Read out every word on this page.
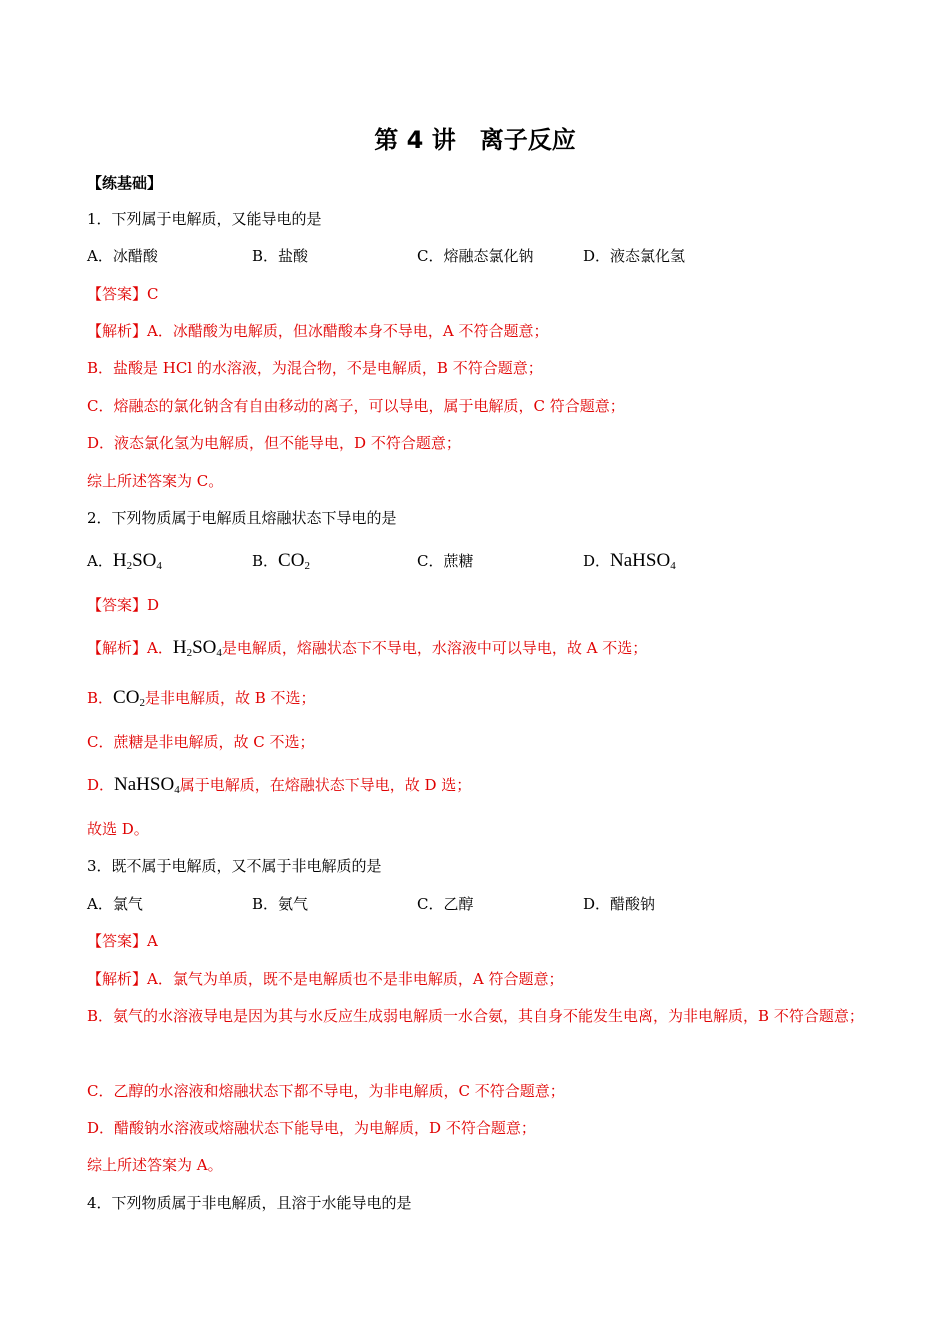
第 4 讲　离子反应
【练基础】
1．下列属于电解质，又能导电的是
A．冰醋酸	B．盐酸	C．熔融态氯化钠	D．液态氯化氢
【答案】C
【解析】A．冰醋酸为电解质，但冰醋酸本身不导电，A 不符合题意；
B．盐酸是 HCl 的水溶液，为混合物，不是电解质，B 不符合题意；
C．熔融态的氯化钠含有自由移动的离子，可以导电，属于电解质，C 符合题意；
D．液态氯化氢为电解质，但不能导电，D 不符合题意；
综上所述答案为 C。
2．下列物质属于电解质且熔融状态下导电的是
A．$H_2SO_4$	B．$CO_2$	C．蔗糖	D．NaHSO$_4$
【答案】D
【解析】A．$H_2SO_4$是电解质，熔融状态下不导电，水溶液中可以导电，故 A 不选；
B．$CO_2$是非电解质，故 B 不选；
C．蔗糖是非电解质，故 C 不选；
D．NaHSO$_4$属于电解质，在熔融状态下导电，故 D 选；
故选 D。
3．既不属于电解质，又不属于非电解质的是
A．氯气	B．氨气	C．乙醇	D．醋酸钠
【答案】A
【解析】A．氯气为单质，既不是电解质也不是非电解质，A 符合题意；
B．氨气的水溶液导电是因为其与水反应生成弱电解质一水合氨，其自身不能发生电离，为非电解质，B 不符合题意；
C．乙醇的水溶液和熔融状态下都不导电，为非电解质，C 不符合题意；
D．醋酸钠水溶液或熔融状态下能导电，为电解质，D 不符合题意；
综上所述答案为 A。
4．下列物质属于非电解质，且溶于水能导电的是
